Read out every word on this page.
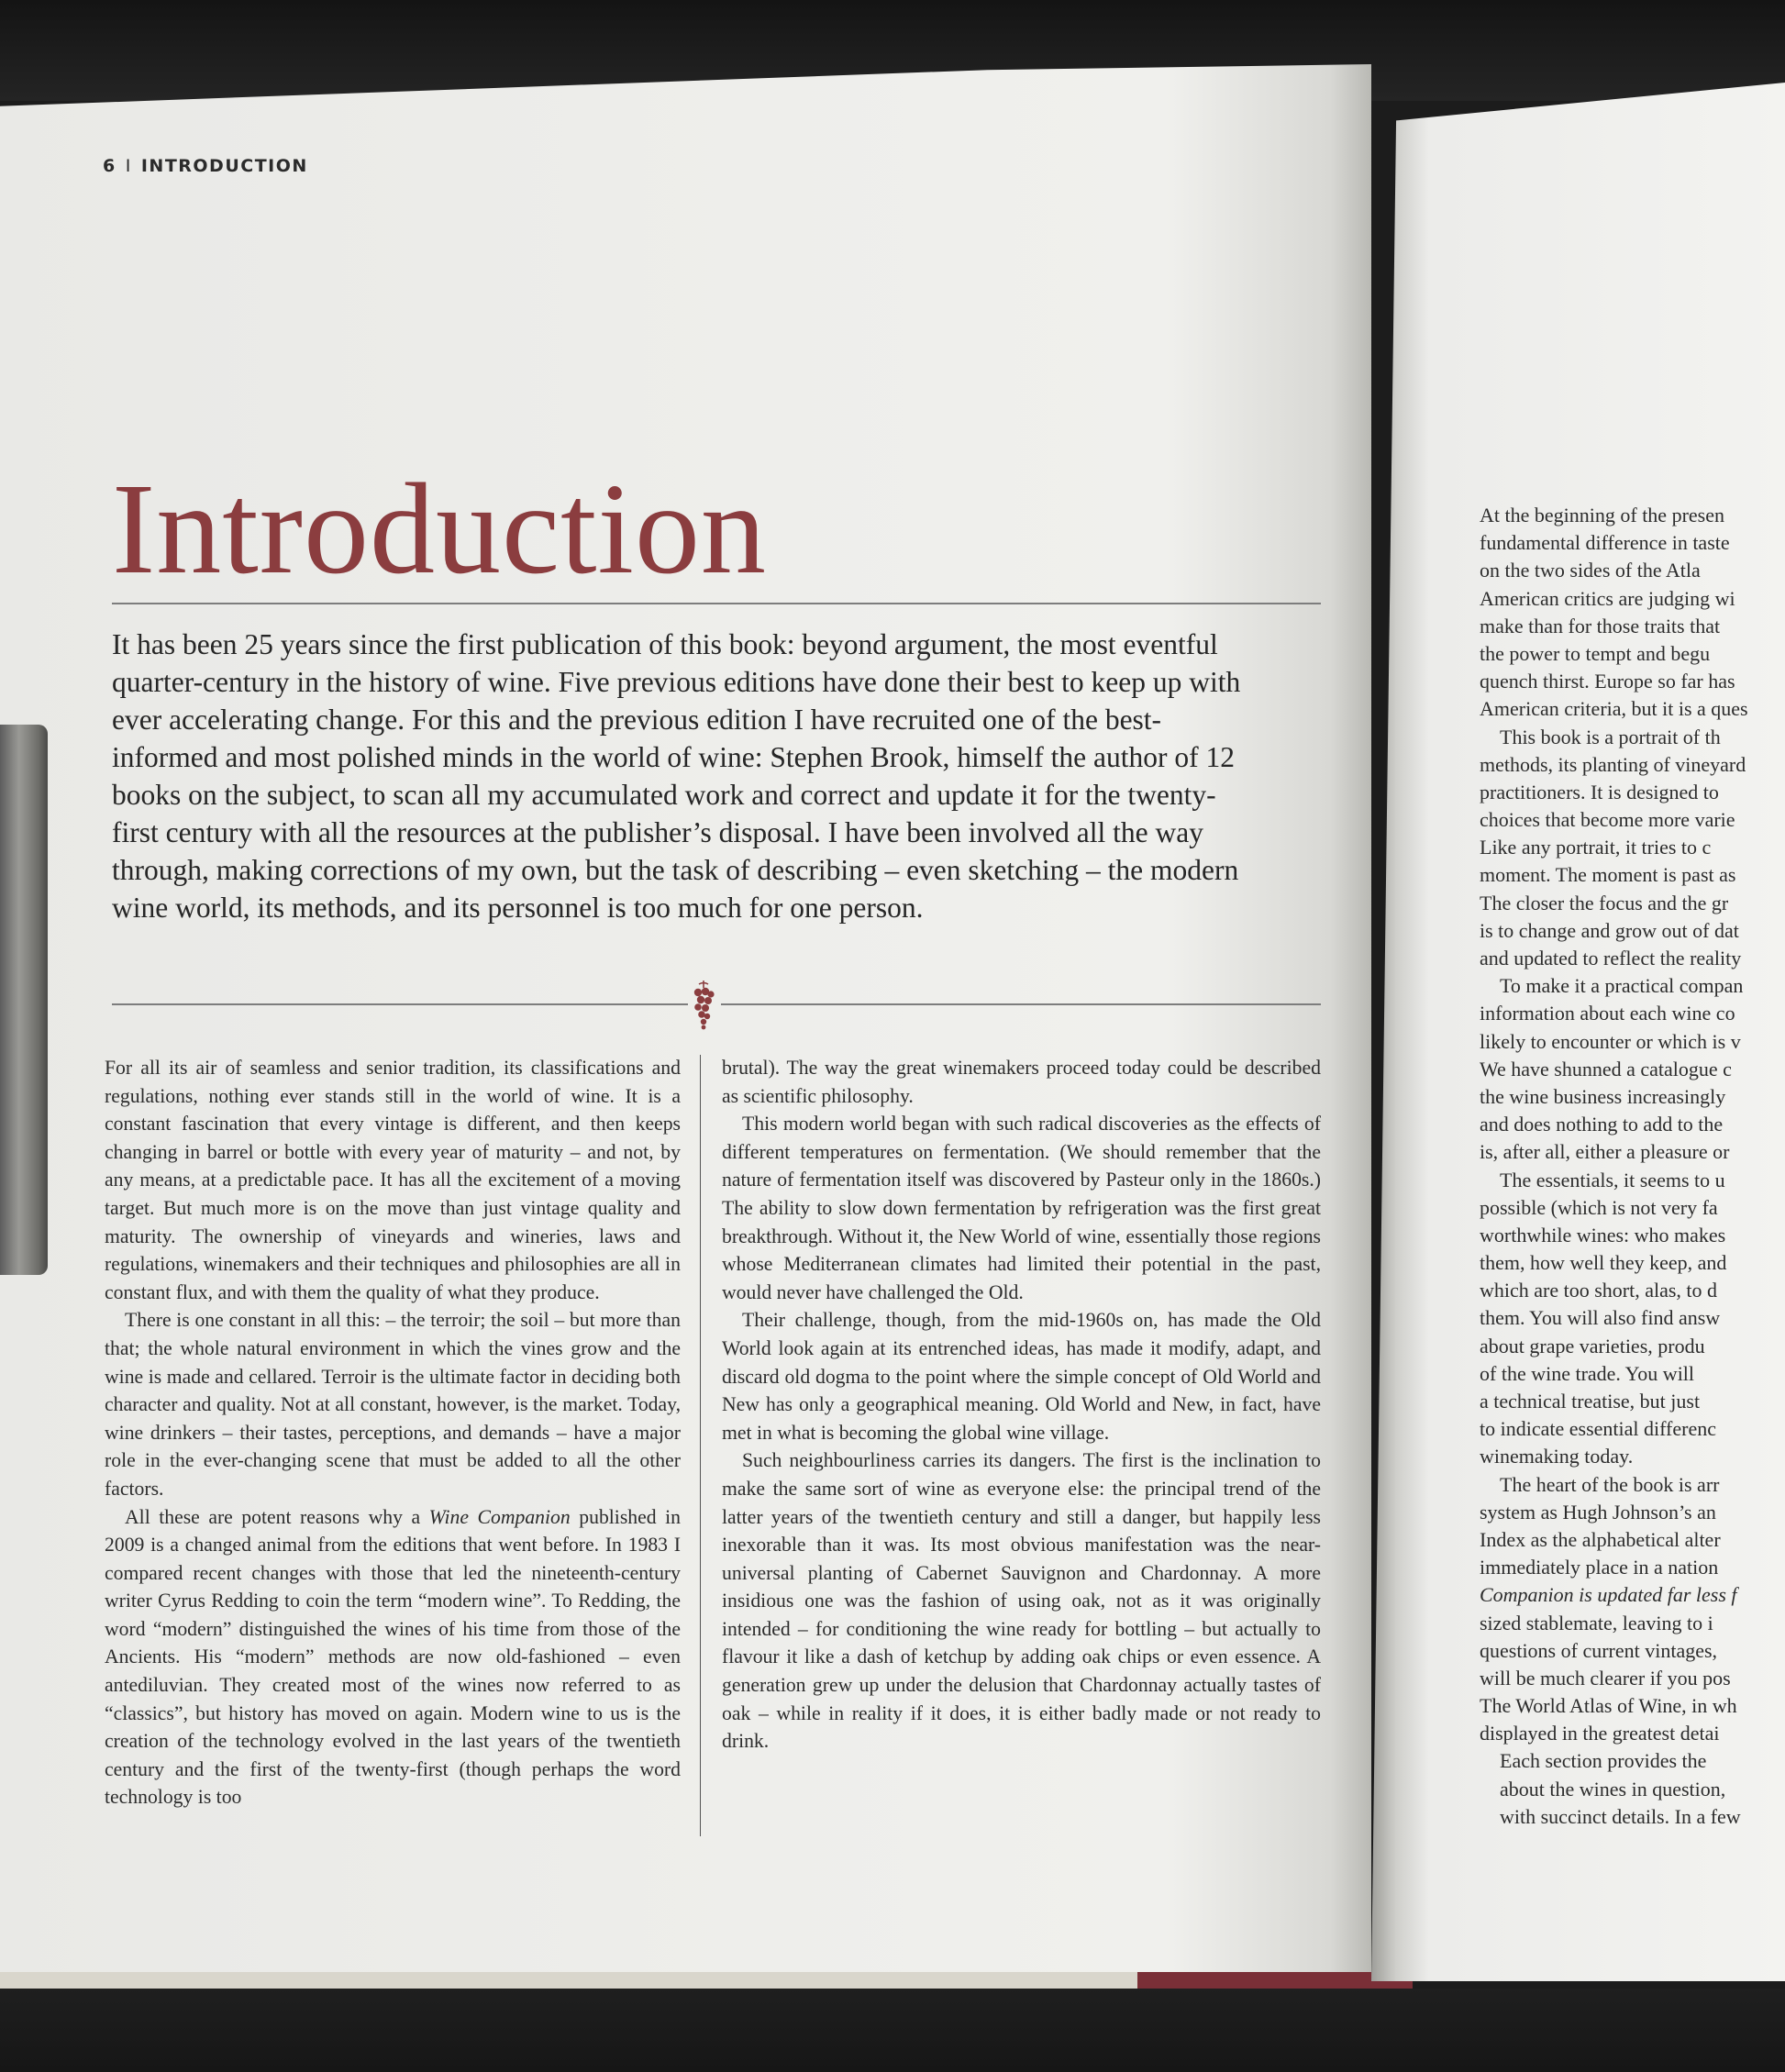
6 I INTRODUCTION
Introduction
It has been 25 years since the first publication of this book: beyond argument, the most eventful quarter-century in the history of wine. Five previous editions have done their best to keep up with ever accelerating change. For this and the previous edition I have recruited one of the best-informed and most polished minds in the world of wine: Stephen Brook, himself the author of 12 books on the subject, to scan all my accumulated work and correct and update it for the twenty-first century with all the resources at the publisher’s disposal. I have been involved all the way through, making corrections of my own, but the task of describing – even sketching – the modern wine world, its methods, and its personnel is too much for one person.

For all its air of seamless and senior tradition, its classifications and regulations, nothing ever stands still in the world of wine. It is a constant fascination that every vintage is different, and then keeps changing in barrel or bottle with every year of maturity – and not, by any means, at a predictable pace. It has all the excitement of a moving target. But much more is on the move than just vintage quality and maturity. The ownership of vineyards and wineries, laws and regulations, winemakers and their techniques and philosophies are all in constant flux, and with them the quality of what they produce.

There is one constant in all this: – the terroir; the soil – but more than that; the whole natural environment in which the vines grow and the wine is made and cellared. Terroir is the ultimate factor in deciding both character and quality. Not at all constant, however, is the market. Today, wine drinkers – their tastes, perceptions, and demands – have a major role in the ever-changing scene that must be added to all the other factors.

All these are potent reasons why a Wine Companion published in 2009 is a changed animal from the editions that went before. In 1983 I compared recent changes with those that led the nineteenth-century writer Cyrus Redding to coin the term “modern wine”. To Redding, the word “modern” distinguished the wines of his time from those of the Ancients. His “modern” methods are now old-fashioned – even antediluvian. They created most of the wines now referred to as “classics”, but history has moved on again. Modern wine to us is the creation of the technology evolved in the last years of the twentieth century and the first of the twenty-first (though perhaps the word technology is too

brutal). The way the great winemakers proceed today could be described as scientific philosophy.

This modern world began with such radical discoveries as the effects of different temperatures on fermentation. (We should remember that the nature of fermentation itself was discovered by Pasteur only in the 1860s.) The ability to slow down fermentation by refrigeration was the first great breakthrough. Without it, the New World of wine, essentially those regions whose Mediterranean climates had limited their potential in the past, would never have challenged the Old.

Their challenge, though, from the mid-1960s on, has made the Old World look again at its entrenched ideas, has made it modify, adapt, and discard old dogma to the point where the simple concept of Old World and New has only a geographical meaning. Old World and New, in fact, have met in what is becoming the global wine village.

Such neighbourliness carries its dangers. The first is the inclination to make the same sort of wine as everyone else: the principal trend of the latter years of the twentieth century and still a danger, but happily less inexorable than it was. Its most obvious manifestation was the near-universal planting of Cabernet Sauvignon and Chardonnay. A more insidious one was the fashion of using oak, not as it was originally intended – for conditioning the wine ready for bottling – but actually to flavour it like a dash of ketchup by adding oak chips or even essence. A generation grew up under the delusion that Chardonnay actually tastes of oak – while in reality if it does, it is either badly made or not ready to drink.

At the beginning of the presen
fundamental difference in taste
on the two sides of the Atla
American critics are judging wi
make than for those traits that
the power to tempt and begu
quench thirst. Europe so far has
American criteria, but it is a ques
This book is a portrait of th
methods, its planting of vineyard
practitioners. It is designed to
choices that become more varie
Like any portrait, it tries to c
moment. The moment is past as
The closer the focus and the gr
is to change and grow out of dat
and updated to reflect the reality
To make it a practical compan
information about each wine co
likely to encounter or which is v
We have shunned a catalogue c
the wine business increasingly
and does nothing to add to the
is, after all, either a pleasure or
The essentials, it seems to u
possible (which is not very fa
worthwhile wines: who makes
them, how well they keep, and
which are too short, alas, to d
them. You will also find answ
about grape varieties, produ
of the wine trade. You will
a technical treatise, but just
to indicate essential differenc
winemaking today.
The heart of the book is arr
system as Hugh Johnson’s an
Index as the alphabetical alter
immediately place in a nation
Companion is updated far less f
sized stablemate, leaving to i
questions of current vintages,
will be much clearer if you pos
The World Atlas of Wine, in wh
displayed in the greatest detai
Each section provides the
about the wines in question,
with succinct details. In a few
